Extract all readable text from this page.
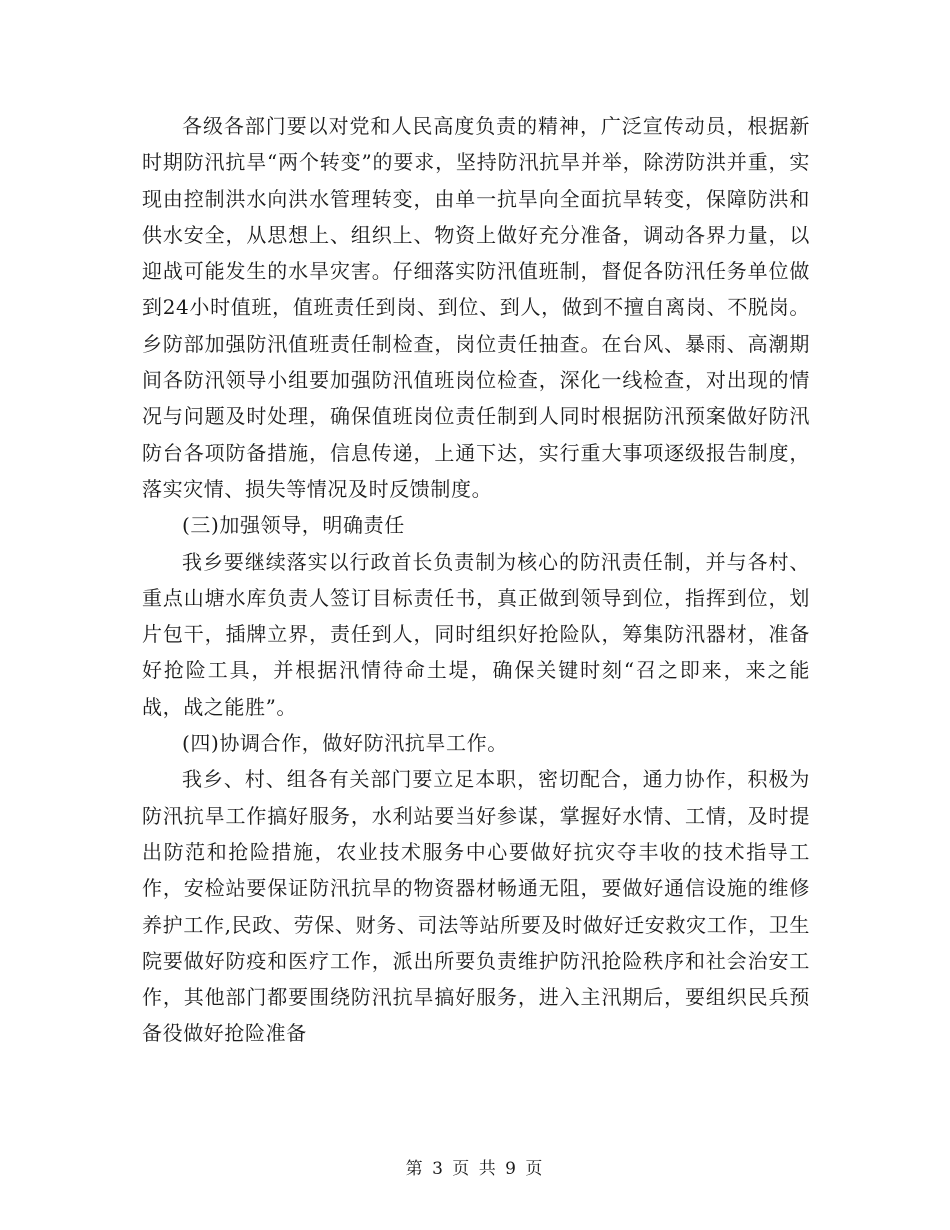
各级各部门要以对党和人民高度负责的精神，广泛宣传动员，根据新时期防汛抗旱“两个转变”的要求，坚持防汛抗旱并举，除涝防洪并重，实现由控制洪水向洪水管理转变，由单一抗旱向全面抗旱转变，保障防洪和供水安全，从思想上、组织上、物资上做好充分准备，调动各界力量，以迎战可能发生的水旱灾害。仔细落实防汛值班制，督促各防汛任务单位做到24小时值班，值班责任到岗、到位、到人，做到不擅自离岗、不脱岗。乡防部加强防汛值班责任制检查，岗位责任抽查。在台风、暴雨、高潮期间各防汛领导小组要加强防汛值班岗位检查，深化一线检查，对出现的情况与问题及时处理，确保值班岗位责任制到人同时根据防汛预案做好防汛防台各项防备措施，信息传递，上通下达，实行重大事项逐级报告制度，落实灾情、损失等情况及时反馈制度。

(三)加强领导，明确责任

我乡要继续落实以行政首长负责制为核心的防汛责任制，并与各村、重点山塘水库负责人签订目标责任书，真正做到领导到位，指挥到位，划片包干，插牌立界，责任到人，同时组织好抢险队，筹集防汛器材，准备好抢险工具，并根据汛情待命土堤，确保关键时刻“召之即来，来之能战，战之能胜”。

(四)协调合作，做好防汛抗旱工作。

我乡、村、组各有关部门要立足本职，密切配合，通力协作，积极为防汛抗旱工作搞好服务，水利站要当好参谋，掌握好水情、工情，及时提出防范和抢险措施，农业技术服务中心要做好抗灾夺丰收的技术指导工作，安检站要保证防汛抗旱的物资器材畅通无阻，要做好通信设施的维修养护工作,民政、劳保、财务、司法等站所要及时做好迁安救灾工作，卫生院要做好防疫和医疗工作，派出所要负责维护防汛抢险秩序和社会治安工作，其他部门都要围绕防汛抗旱搞好服务，进入主汛期后，要组织民兵预备役做好抢险准备

第 3 页 共 9 页
